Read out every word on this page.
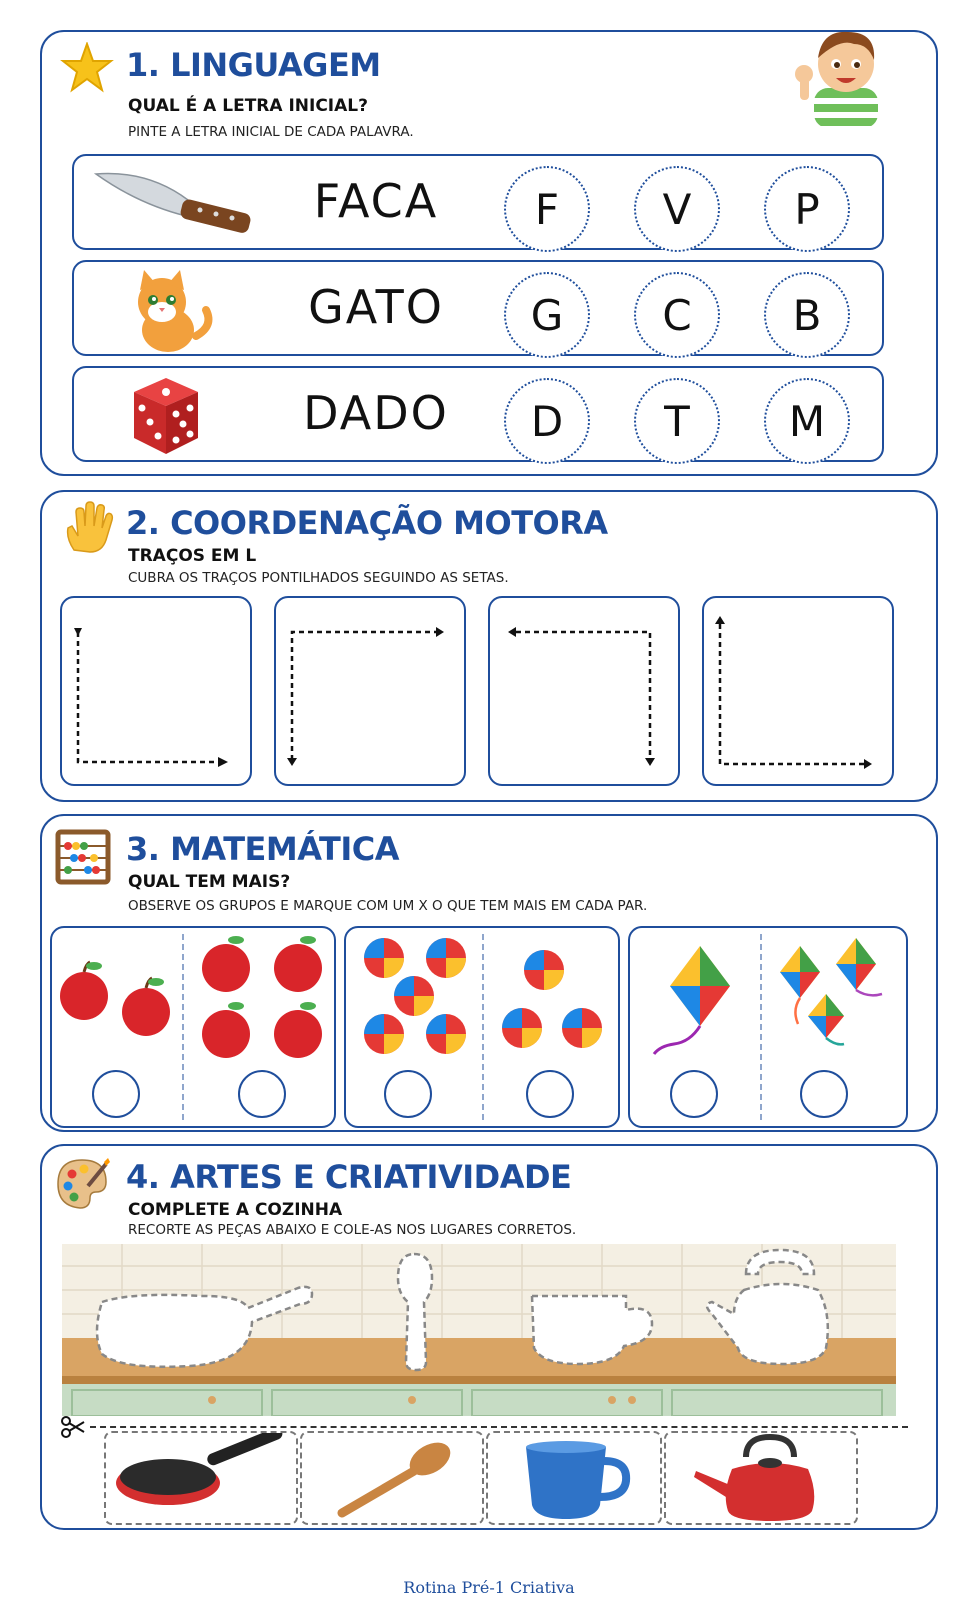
1. LINGUAGEM
QUAL É A LETRA INICIAL?
PINTE A LETRA INICIAL DE CADA PALAVRA.
FACA	F	V	P
GATO	G	C	B
DADO	D	T	M
2. COORDENAÇÃO MOTORA
TRAÇOS EM L
CUBRA OS TRAÇOS PONTILHADOS SEGUINDO AS SETAS.
3. MATEMÁTICA
QUAL TEM MAIS?
OBSERVE OS GRUPOS E MARQUE COM UM X O QUE TEM MAIS EM CADA PAR.
4. ARTES E CRIATIVIDADE
COMPLETE A COZINHA
RECORTE AS PEÇAS ABAIXO E COLE-AS NOS LUGARES CORRETOS.
Rotina Pré-1 Criativa
